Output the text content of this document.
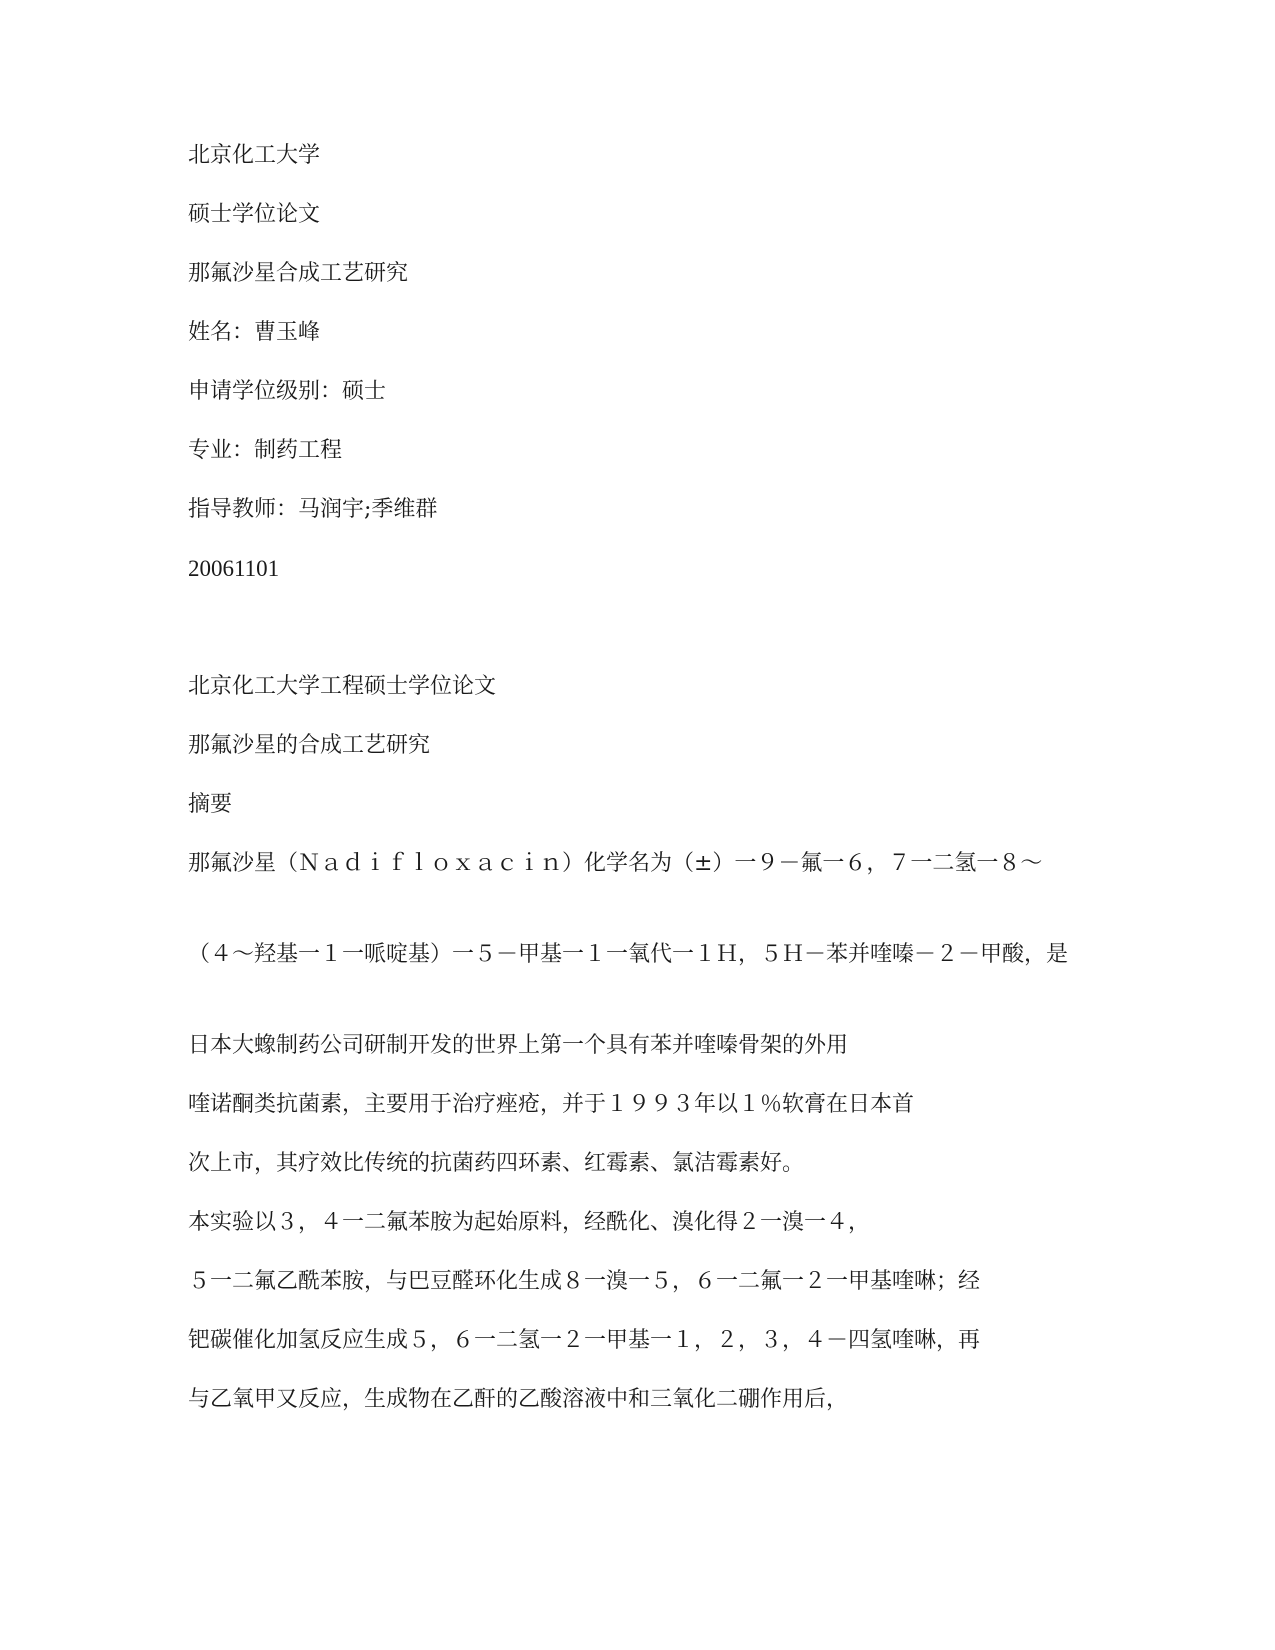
北京化工大学

硕士学位论文

那氟沙星合成工艺研究

姓名：曹玉峰

申请学位级别：硕士

专业：制药工程

指导教师：马润宇;季维群

20061101

北京化工大学工程硕士学位论文

那氟沙星的合成工艺研究

摘要

那氟沙星（Ｎａｄｉｆｌｏｘａｃｉｎ）化学名为（±）一９－氟一６，７一二氢一８～

（４～羟基一１一哌啶基）一５－甲基一１一氧代一１Ｈ，５Ｈ－苯并喹嗪－２－甲酸，是

日本大蟓制药公司研制开发的世界上第一个具有苯并喹嗪骨架的外用

喹诺酮类抗菌素，主要用于治疗痤疮，并于１９９３年以１％软膏在日本首

次上市，其疗效比传统的抗菌药四环素、红霉素、氯洁霉素好。

本实验以３，４一二氟苯胺为起始原料，经酰化、溴化得２一溴一４，

５一二氟乙酰苯胺，与巴豆醛环化生成８一溴一５，６一二氟一２一甲基喹啉；经

钯碳催化加氢反应生成５，６一二氢一２一甲基一１，２，３，４－四氢喹啉，再

与乙氧甲又反应，生成物在乙酐的乙酸溶液中和三氧化二硼作用后，
